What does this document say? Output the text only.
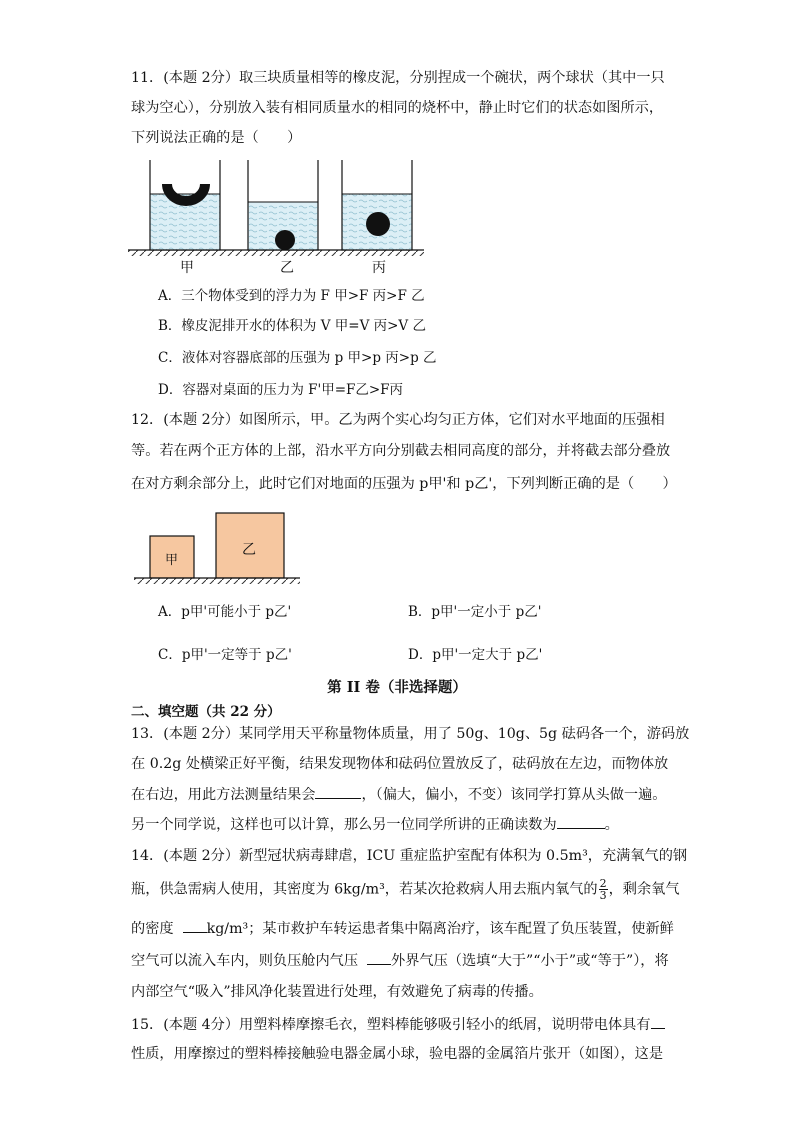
11．(本题 2分）取三块质量相等的橡皮泥，分别捏成一个碗状，两个球状（其中一只
球为空心），分别放入装有相同质量水的相同的烧杯中，静止时它们的状态如图所示，
下列说法正确的是（　　）
甲	乙	丙
A．三个物体受到的浮力为 F 甲>F 丙>F 乙
B．橡皮泥排开水的体积为 V 甲=V 丙>V 乙
C．液体对容器底部的压强为 p 甲>p 丙>p 乙
D．容器对桌面的压力为 F'甲=F乙>F丙
12．(本题 2分）如图所示，甲。乙为两个实心均匀正方体，它们对水平地面的压强相
等。若在两个正方体的上部，沿水平方向分别截去相同高度的部分，并将截去部分叠放
在对方剩余部分上，此时它们对地面的压强为 p甲'和 p乙'，下列判断正确的是（　　）
甲
乙
A．p甲'可能小于 p乙'	B．p甲'一定小于 p乙'
C．p甲'一定等于 p乙'	D．p甲'一定大于 p乙'
第 II 卷（非选择题）
二、填空题（共 22 分）
13．(本题 2分）某同学用天平称量物体质量，用了 50g、10g、5g 砝码各一个，游码放
在 0.2g 处横梁正好平衡，结果发现物体和砝码位置放反了，砝码放在左边，而物体放
在右边，用此方法测量结果会	，（偏大，偏小，不变）该同学打算从头做一遍。
另一个同学说，这样也可以计算，那么另一位同学所讲的正确读数为	。
14．(本题 2分）新型冠状病毒肆虐，ICU 重症监护室配有体积为 0.5m³，充满氧气的钢
瓶，供急需病人使用，其密度为 6kg/m³，若某次抢救病人用去瓶内氧气的 $\frac{2}{3}$ ，剩余氧气
的密度 kg/m³；某市救护车转运患者集中隔离治疗，该车配置了负压装置，使新鲜
空气可以流入车内，则负压舱内气压 外界气压（选填“大于”“小于”或“等于”），将
内部空气“吸入”排风净化装置进行处理，有效避免了病毒的传播。
15．(本题 4分）用塑料棒摩擦毛衣，塑料棒能够吸引轻小的纸屑，说明带电体具有
性质，用摩擦过的塑料棒接触验电器金属小球，验电器的金属箔片张开（如图），这是
